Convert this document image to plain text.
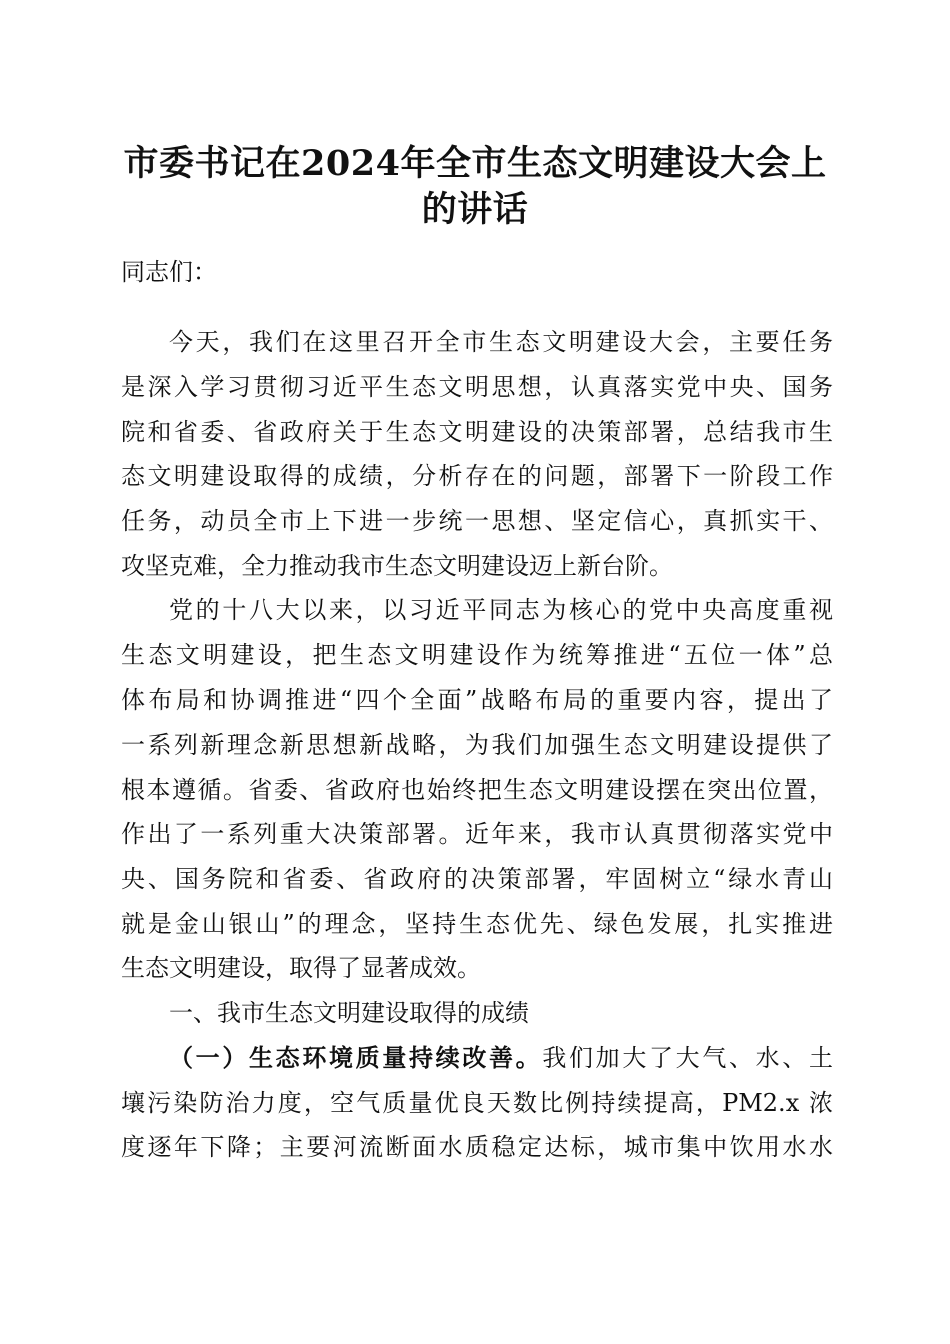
市委书记在2024年全市生态文明建设大会上
的讲话
同志们：
今天，我们在这里召开全市生态文明建设大会，主要任务
是深入学习贯彻习近平生态文明思想，认真落实党中央、国务
院和省委、省政府关于生态文明建设的决策部署，总结我市生
态文明建设取得的成绩，分析存在的问题，部署下一阶段工作
任务，动员全市上下进一步统一思想、坚定信心，真抓实干、
攻坚克难，全力推动我市生态文明建设迈上新台阶。
党的十八大以来，以习近平同志为核心的党中央高度重视
生态文明建设，把生态文明建设作为统筹推进“五位一体”总
体布局和协调推进“四个全面”战略布局的重要内容，提出了
一系列新理念新思想新战略，为我们加强生态文明建设提供了
根本遵循。省委、省政府也始终把生态文明建设摆在突出位置，
作出了一系列重大决策部署。近年来，我市认真贯彻落实党中
央、国务院和省委、省政府的决策部署，牢固树立“绿水青山
就是金山银山”的理念，坚持生态优先、绿色发展，扎实推进
生态文明建设，取得了显著成效。
一、我市生态文明建设取得的成绩
（一）生态环境质量持续改善。我们加大了大气、水、土
壤污染防治力度，空气质量优良天数比例持续提高，PM2.x 浓
度逐年下降；主要河流断面水质稳定达标，城市集中饮用水水
